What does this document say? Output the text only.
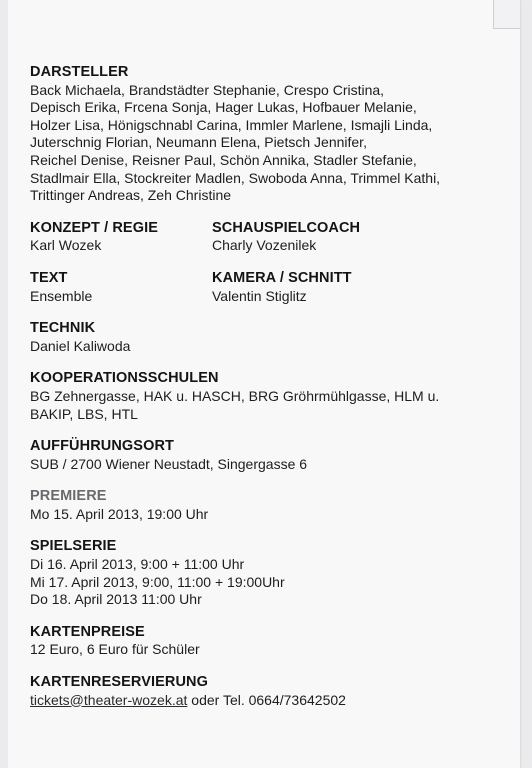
DARSTELLER
Back Michaela, Brandstädter Stephanie, Crespo Cristina,
Depisch Erika, Frcena Sonja, Hager Lukas, Hofbauer Melanie,
Holzer Lisa, Hönigschnabl Carina, Immler Marlene, Ismajli Linda,
Juterschnig Florian, Neumann Elena, Pietsch Jennifer,
Reichel Denise, Reisner Paul, Schön Annika, Stadler Stefanie,
Stadlmair Ella, Stockreiter Madlen, Swoboda Anna, Trimmel Kathi,
Trittinger Andreas, Zeh Christine
KONZEPT / REGIE
Karl Wozek
SCHAUSPIELCOACH
Charly Vozenilek
TEXT
Ensemble
KAMERA / SCHNITT
Valentin Stiglitz
TECHNIK
Daniel Kaliwoda
KOOPERATIONSSCHULEN
BG Zehnergasse, HAK u. HASCH, BRG Gröhrmühlgasse, HLM u.
BAKIP, LBS, HTL
AUFFÜHRUNGSORT
SUB / 2700 Wiener Neustadt, Singergasse 6
PREMIERE
Mo 15. April 2013, 19:00 Uhr
SPIELSERIE
Di 16. April 2013, 9:00 + 11:00 Uhr
Mi 17. April 2013, 9:00, 11:00 + 19:00Uhr
Do 18. April 2013 11:00 Uhr
KARTENPREISE
12 Euro, 6 Euro für Schüler
KARTENRESERVIERUNG
tickets@theater-wozek.at oder Tel. 0664/73642502
